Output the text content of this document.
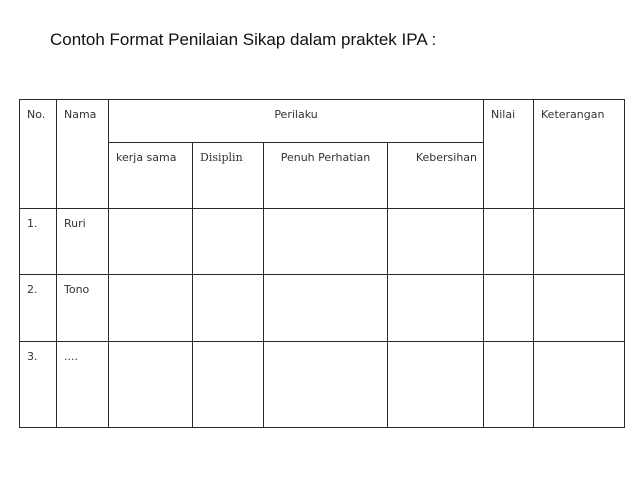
Contoh Format Penilaian Sikap dalam praktek IPA :
No.	Nama	Perilaku				Nilai	Keterangan

		kerja sama	Disiplin	Penuh Perhatian	Kebersihan		

1.	Ruri						

2.	Tono						

3.	....						
